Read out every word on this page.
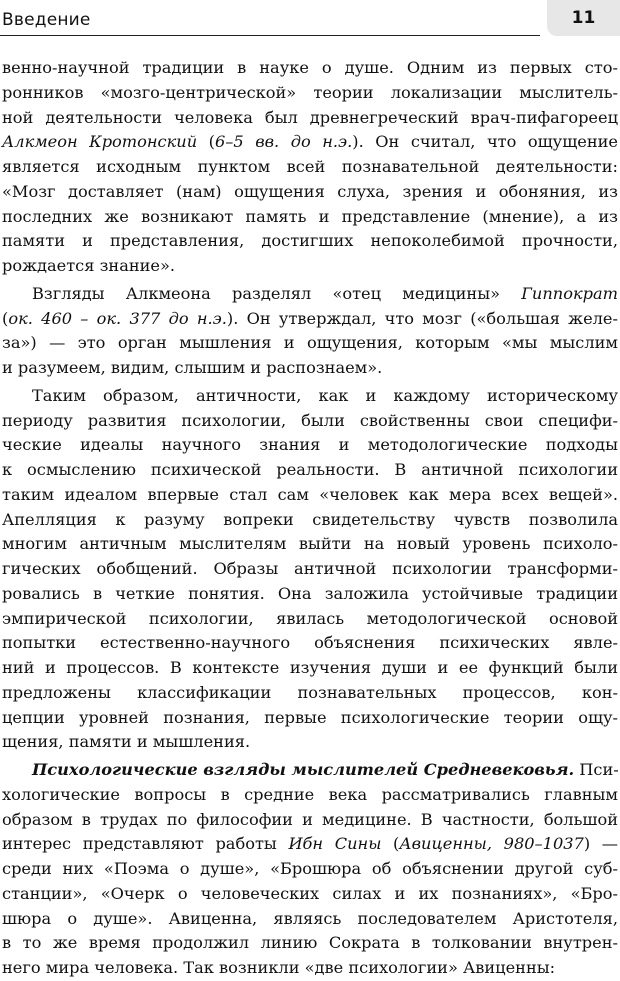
Введение	11
венно-научной традиции в науке о душе. Одним из первых сто-
ронников «мозго-центрической» теории локализации мыслитель-
ной деятельности человека был древнегреческий врач-пифагореец
Алкмеон Кротонский (6–5 вв. до н.э.). Он считал, что ощущение
является исходным пунктом всей познавательной деятельности:
«Мозг доставляет (нам) ощущения слуха, зрения и обоняния, из
последних же возникают память и представление (мнение), а из
памяти и представления, достигших непоколебимой прочности,
рождается знание».
Взгляды Алкмеона разделял «отец медицины» Гиппократ
(ок. 460 – ок. 377 до н.э.). Он утверждал, что мозг («большая желе-
за») — это орган мышления и ощущения, которым «мы мыслим
и разумеем, видим, слышим и распознаем».
Таким образом, античности, как и каждому историческому
периоду развития психологии, были свойственны свои специфи-
ческие идеалы научного знания и методологические подходы
к осмыслению психической реальности. В античной психологии
таким идеалом впервые стал сам «человек как мера всех вещей».
Апелляция к разуму вопреки свидетельству чувств позволила
многим античным мыслителям выйти на новый уровень психоло-
гических обобщений. Образы античной психологии трансформи-
ровались в четкие понятия. Она заложила устойчивые традиции
эмпирической психологии, явилась методологической основой
попытки естественно-научного объяснения психических явле-
ний и процессов. В контексте изучения души и ее функций были
предложены классификации познавательных процессов, кон-
цепции уровней познания, первые психологические теории ощу-
щения, памяти и мышления.
Психологические взгляды мыслителей Средневековья. Пси-
хологические вопросы в средние века рассматривались главным
образом в трудах по философии и медицине. В частности, большой
интерес представляют работы Ибн Сины (Авиценны, 980–1037) —
среди них «Поэма о душе», «Брошюра об объяснении другой суб-
станции», «Очерк о человеческих силах и их познаниях», «Бро-
шюра о душе». Авиценна, являясь последователем Аристотеля,
в то же время продолжил линию Сократа в толковании внутрен-
него мира человека. Так возникли «две психологии» Авиценны:
